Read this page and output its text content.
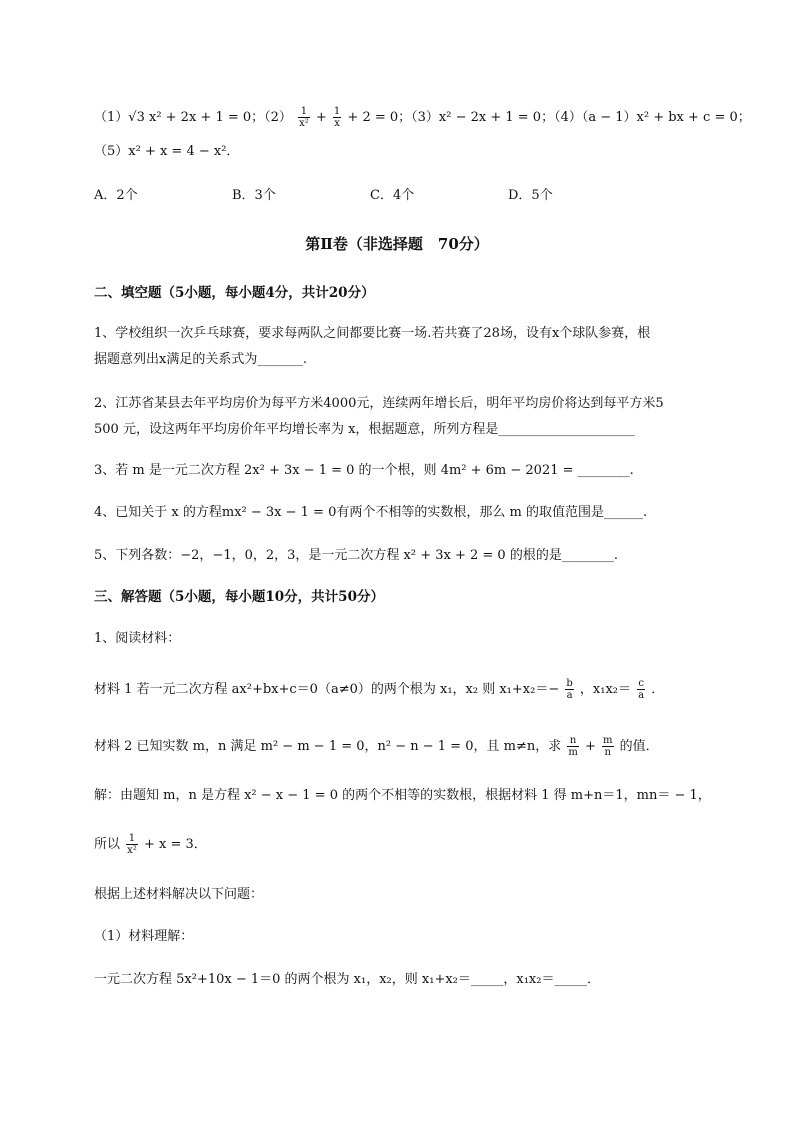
（1）√3 x² + 2x + 1 = 0；$(2) \frac{1}{\text{x²}} + \frac{1}{x} + 2 = 0$；（3）x² − 2x + 1 = 0；（4）（a − 1）x² + bx + c = 0；
（5）x² + x = 4 − x²．
A．2个	B．3个	C．4个	D．5个
第Ⅱ卷（非选择题　70分）
二、填空题（5小题，每小题4分，共计20分）
1、学校组织一次乒乓球赛，要求每两队之间都要比赛一场.若共赛了28场，设有x个球队参赛，根
据题意列出x满足的关系式为_______.
2、江苏省某县去年平均房价为每平方米4000元，连续两年增长后，明年平均房价将达到每平方米5
500 元，设这两年平均房价年平均增长率为 x，根据题意，所列方程是_____________________
3、若 m 是一元二次方程 2x² + 3x − 1 = 0 的一个根，则 4m² + 6m − 2021 = ________.
4、已知关于 x 的方程mx² − 3x − 1 = 0有两个不相等的实数根，那么 m 的取值范围是______.
5、下列各数：−2，−1，0，2，3，是一元二次方程 x² + 3x + 2 = 0 的根的是________.
三、解答题（5小题，每小题10分，共计50分）
1、阅读材料：
材料 1 若一元二次方程 ax²+bx+c＝0（a≠0）的两个根为 x₁，x₂ 则 $x_1+x_2=- \frac{b}{a}$ ，$x_1x_2= \frac{c}{a}$ ．
材料 2 已知实数 m，n 满足 m² − m − 1 = 0，n² − n − 1 = 0，且 m≠n，求 $\frac{n}{m} + \frac{m}{n}$ 的值．
解：由题知 m，n 是方程 x² − x − 1 = 0 的两个不相等的实数根，根据材料 1 得 m+n＝1，mn＝ − 1，
所以 $\frac{1}{\text{x²}} + x = 3$．
根据上述材料解决以下问题：
（1）材料理解：
一元二次方程 5x²+10x − 1＝0 的两个根为 x₁，x₂，则 x₁+x₂＝_____，x₁x₂＝_____．
